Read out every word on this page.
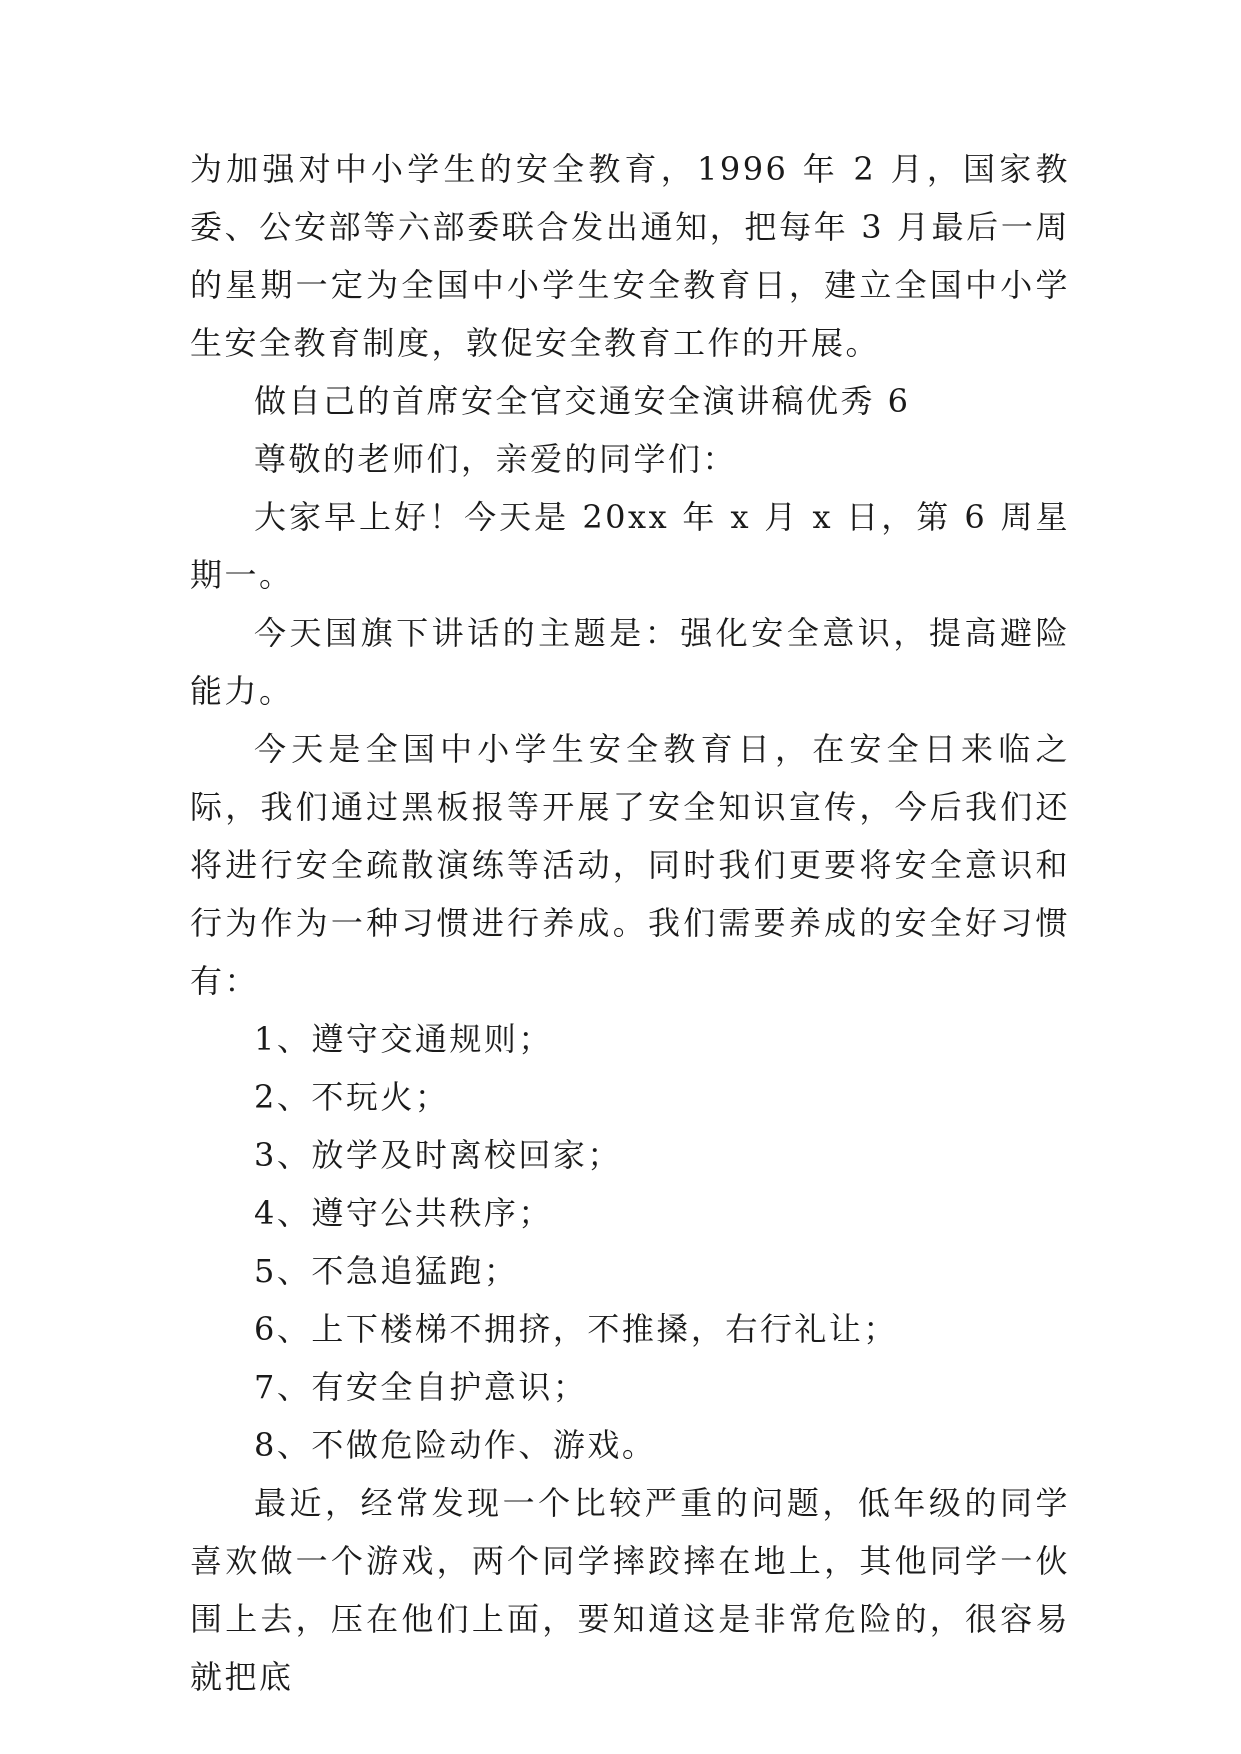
为加强对中小学生的安全教育，1996 年 2 月，国家教委、公安部等六部委联合发出通知，把每年 3 月最后一周的星期一定为全国中小学生安全教育日，建立全国中小学生安全教育制度，敦促安全教育工作的开展。

做自己的首席安全官交通安全演讲稿优秀 6

尊敬的老师们，亲爱的同学们：

大家早上好！今天是 20xx 年 x 月 x 日，第 6 周星期一。

今天国旗下讲话的主题是：强化安全意识，提高避险能力。

今天是全国中小学生安全教育日，在安全日来临之际，我们通过黑板报等开展了安全知识宣传，今后我们还将进行安全疏散演练等活动，同时我们更要将安全意识和行为作为一种习惯进行养成。我们需要养成的安全好习惯有：

1、遵守交通规则；

2、不玩火；

3、放学及时离校回家；

4、遵守公共秩序；

5、不急追猛跑；

6、上下楼梯不拥挤，不推搡，右行礼让；

7、有安全自护意识；

8、不做危险动作、游戏。

最近，经常发现一个比较严重的问题，低年级的同学喜欢做一个游戏，两个同学摔跤摔在地上，其他同学一伙围上去，压在他们上面，要知道这是非常危险的，很容易就把底
